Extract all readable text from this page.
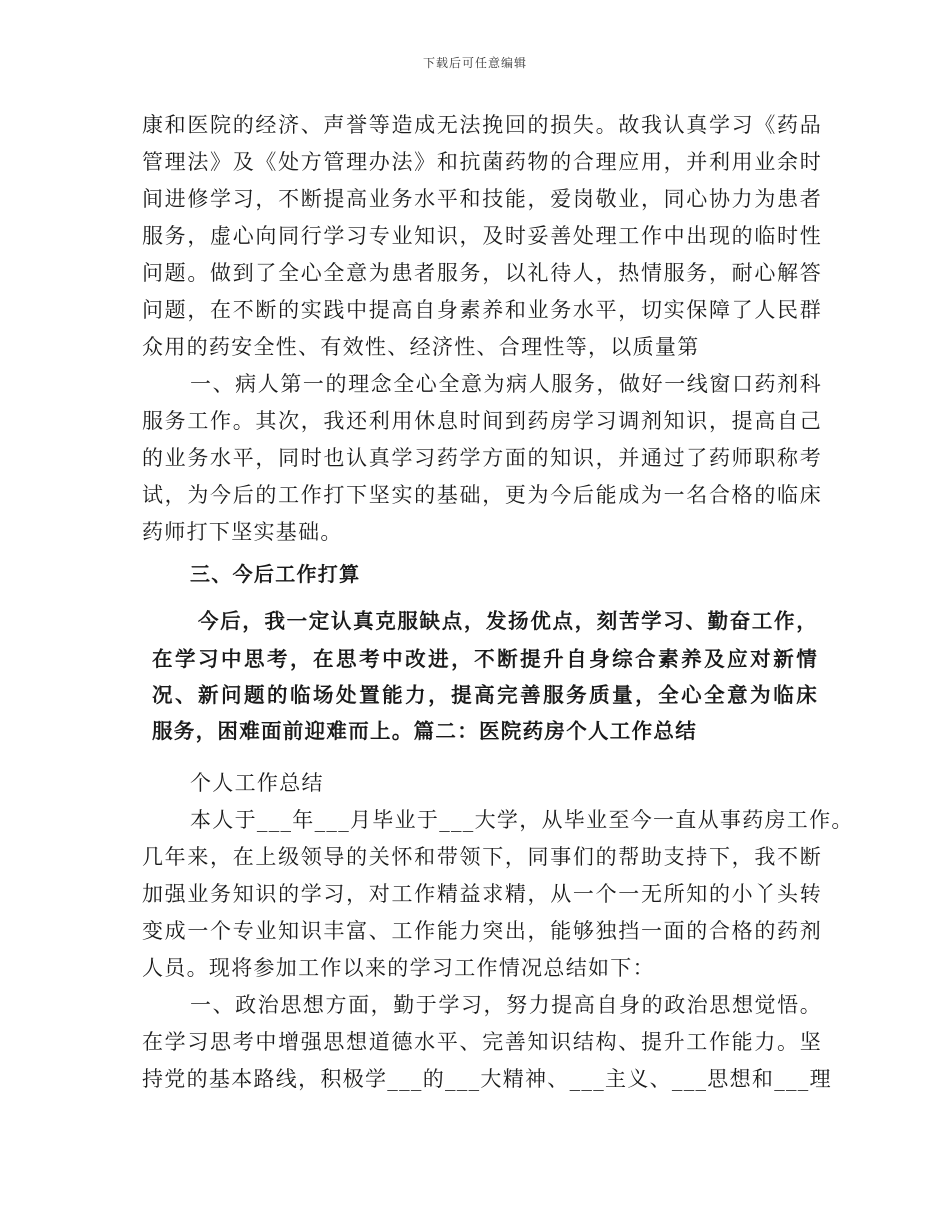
下载后可任意编辑
康和医院的经济、声誉等造成无法挽回的损失。故我认真学习《药品
管理法》及《处方管理办法》和抗菌药物的合理应用，并利用业余时
间进修学习，不断提高业务水平和技能，爱岗敬业，同心协力为患者
服务，虚心向同行学习专业知识，及时妥善处理工作中出现的临时性
问题。做到了全心全意为患者服务，以礼待人，热情服务，耐心解答
问题，在不断的实践中提高自身素养和业务水平，切实保障了人民群
众用的药安全性、有效性、经济性、合理性等，以质量第
一、病人第一的理念全心全意为病人服务，做好一线窗口药剂科
服务工作。其次，我还利用休息时间到药房学习调剂知识，提高自己
的业务水平，同时也认真学习药学方面的知识，并通过了药师职称考
试，为今后的工作打下坚实的基础，更为今后能成为一名合格的临床
药师打下坚实基础。
三、今后工作打算
今后，我一定认真克服缺点，发扬优点，刻苦学习、勤奋工作，
在学习中思考，在思考中改进，不断提升自身综合素养及应对新情
况、新问题的临场处置能力，提高完善服务质量，全心全意为临床
服务，困难面前迎难而上。篇二：医院药房个人工作总结
个人工作总结
本人于___年___月毕业于___大学，从毕业至今一直从事药房工作。
几年来，在上级领导的关怀和带领下，同事们的帮助支持下，我不断
加强业务知识的学习，对工作精益求精，从一个一无所知的小丫头转
变成一个专业知识丰富、工作能力突出，能够独挡一面的合格的药剂
人员。现将参加工作以来的学习工作情况总结如下：
一、政治思想方面，勤于学习，努力提高自身的政治思想觉悟。
在学习思考中增强思想道德水平、完善知识结构、提升工作能力。坚
持党的基本路线，积极学___的___大精神、___主义、___思想和___理
